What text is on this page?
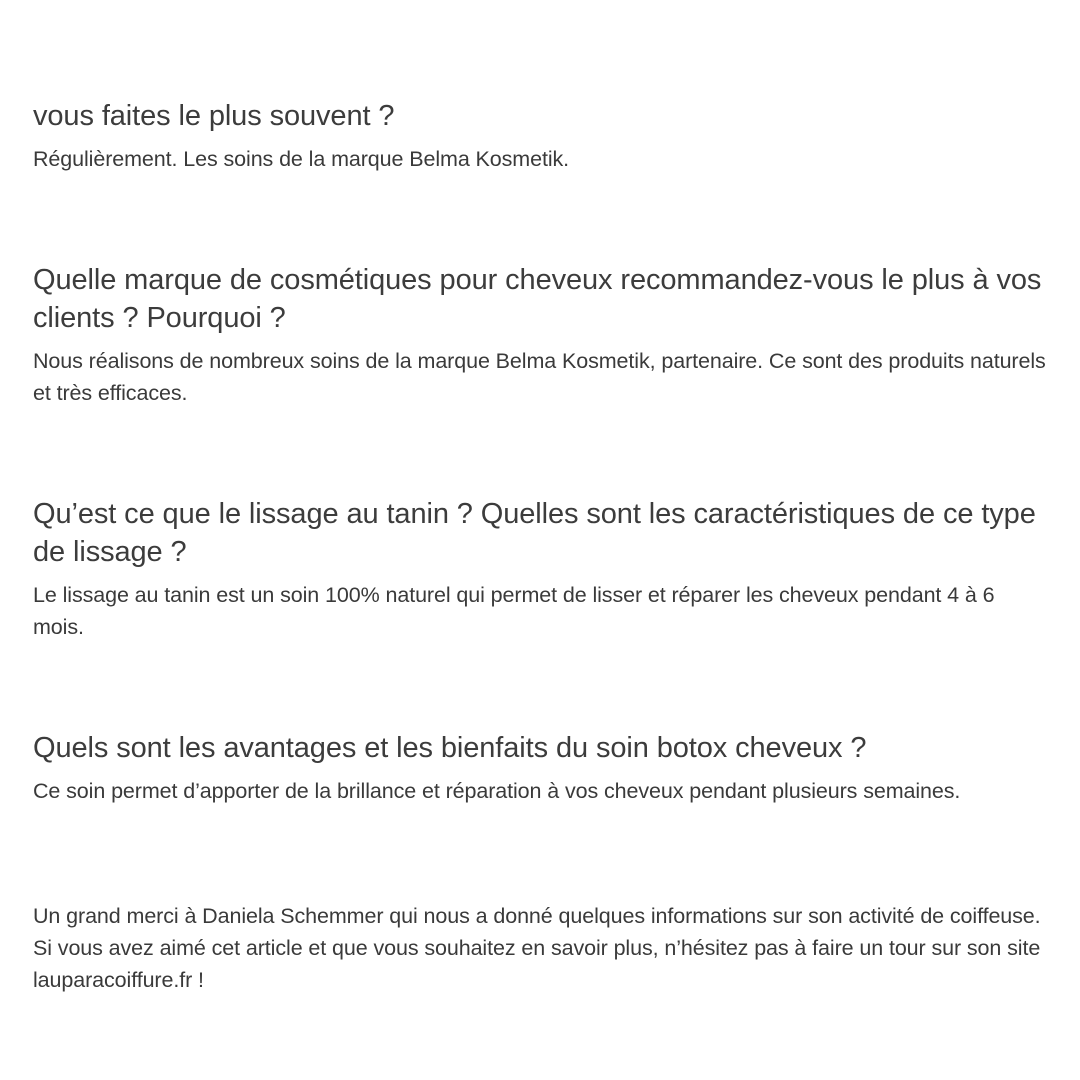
vous faites le plus souvent ?

Régulièrement. Les soins de la marque Belma Kosmetik.

Quelle marque de cosmétiques pour cheveux recommandez-vous le plus à vos clients ? Pourquoi ?

Nous réalisons de nombreux soins de la marque Belma Kosmetik, partenaire. Ce sont des produits naturels et très efficaces.

Qu’est ce que le lissage au tanin ? Quelles sont les caractéristiques de ce type de lissage ?

Le lissage au tanin est un soin 100% naturel qui permet de lisser et réparer les cheveux pendant 4 à 6 mois.

Quels sont les avantages et les bienfaits du soin botox cheveux ?

Ce soin permet d’apporter de la brillance et réparation à vos cheveux pendant plusieurs semaines.

Un grand merci à Daniela Schemmer qui nous a donné quelques informations sur son activité de coiffeuse. Si vous avez aimé cet article et que vous souhaitez en savoir plus, n’hésitez pas à faire un tour sur son site lauparacoiffure.fr !
